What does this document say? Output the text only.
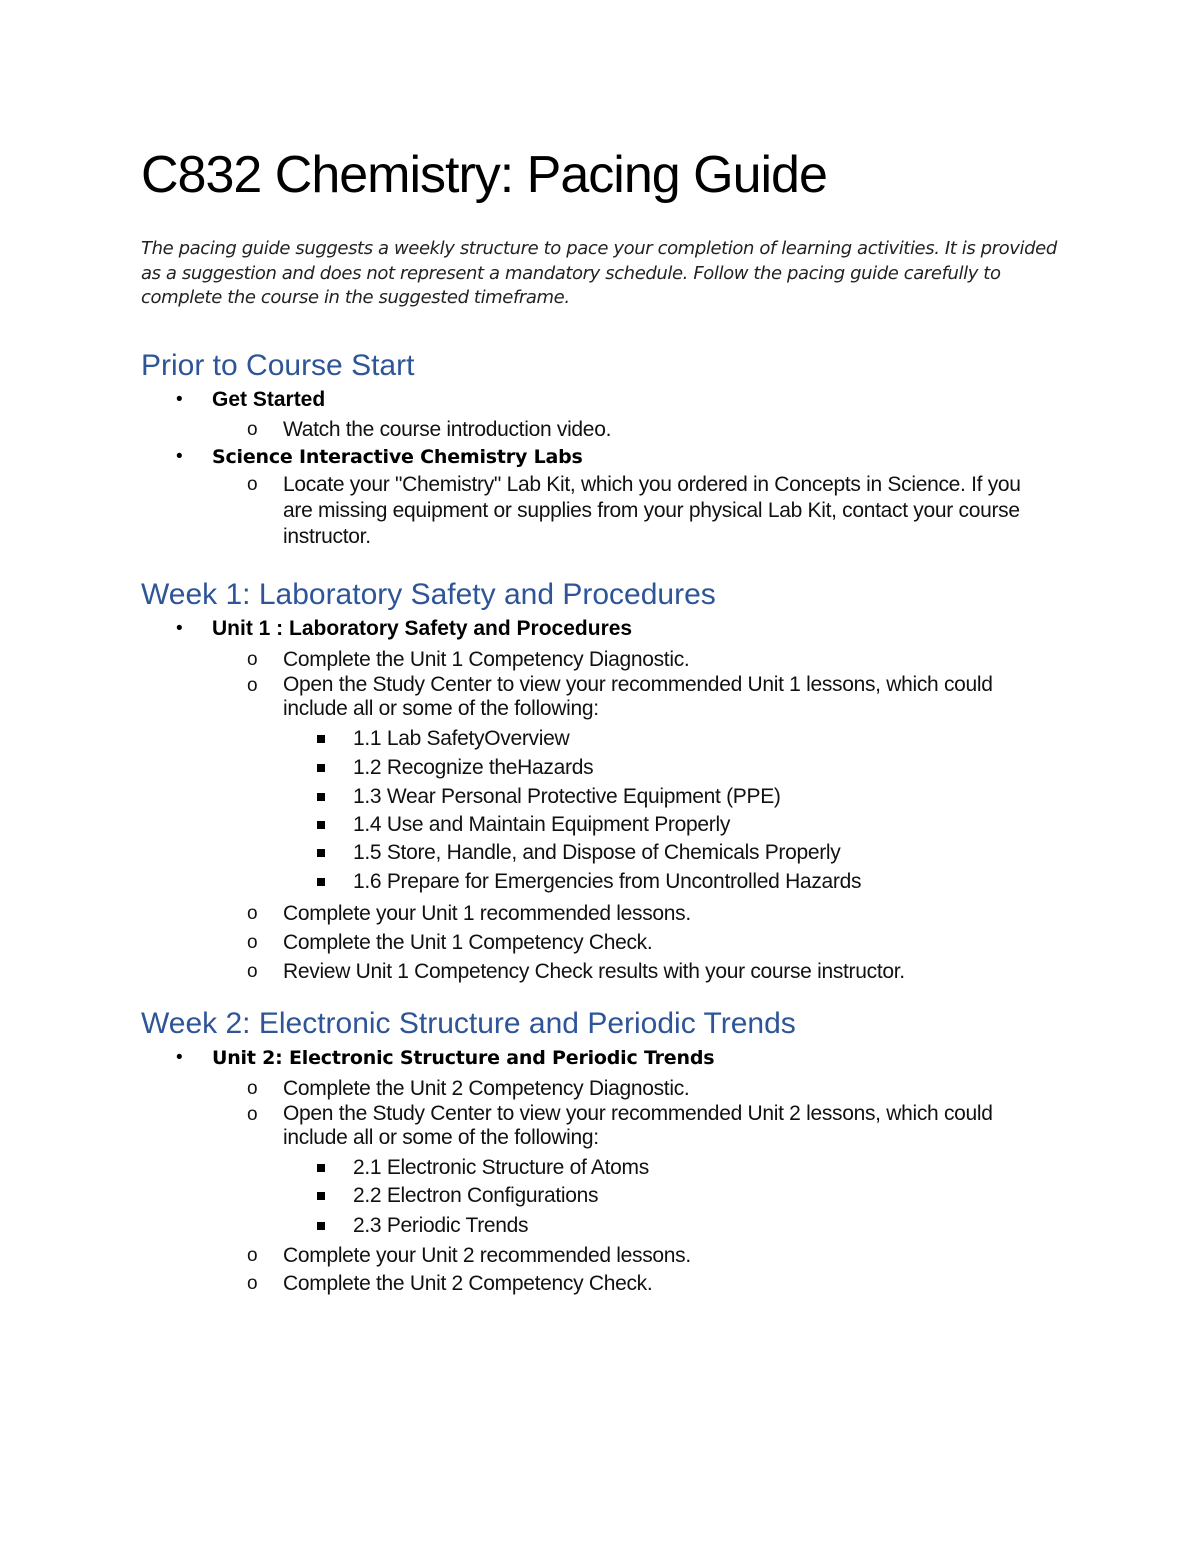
C832 Chemistry: Pacing Guide

The pacing guide suggests a weekly structure to pace your completion of learning activities. It is provided as a suggestion and does not represent a mandatory schedule. Follow the pacing guide carefully to complete the course in the suggested timeframe.

Prior to Course Start
• Get Started
o Watch the course introduction video.
• Science Interactive Chemistry Labs
o Locate your "Chemistry" Lab Kit, which you ordered in Concepts in Science. If you are missing equipment or supplies from your physical Lab Kit, contact your course instructor.
Week 1: Laboratory Safety and Procedures
• Unit 1 : Laboratory Safety and Procedures
o Complete the Unit 1 Competency Diagnostic.
o Open the Study Center to view your recommended Unit 1 lessons, which could include all or some of the following:
1.1 Lab SafetyOverview
1.2 Recognize theHazards
1.3 Wear Personal Protective Equipment (PPE)
1.4 Use and Maintain Equipment Properly
1.5 Store, Handle, and Dispose of Chemicals Properly
1.6 Prepare for Emergencies from Uncontrolled Hazards
o Complete your Unit 1 recommended lessons.
o Complete the Unit 1 Competency Check.
o Review Unit 1 Competency Check results with your course instructor.
Week 2: Electronic Structure and Periodic Trends
• Unit 2: Electronic Structure and Periodic Trends
o Complete the Unit 2 Competency Diagnostic.
o Open the Study Center to view your recommended Unit 2 lessons, which could include all or some of the following:
2.1 Electronic Structure of Atoms
2.2 Electron Configurations
2.3 Periodic Trends
o Complete your Unit 2 recommended lessons.
o Complete the Unit 2 Competency Check.
